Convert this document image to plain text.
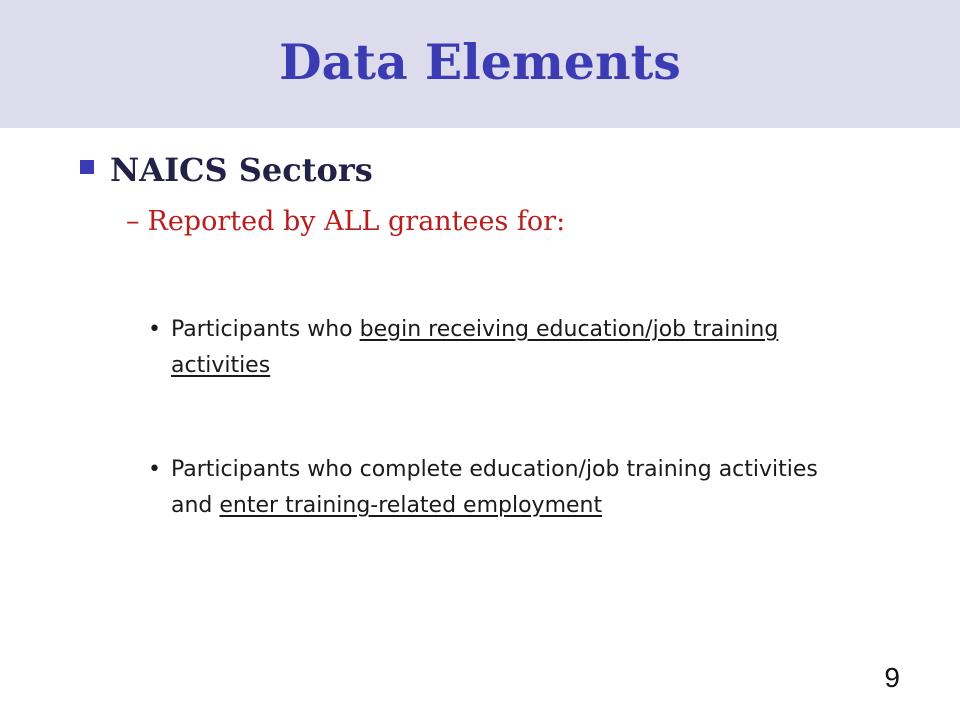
Data Elements
NAICS Sectors
– Reported by ALL grantees for:
• Participants who begin receiving education/job training activities
• Participants who complete education/job training activities and enter training-related employment
9
